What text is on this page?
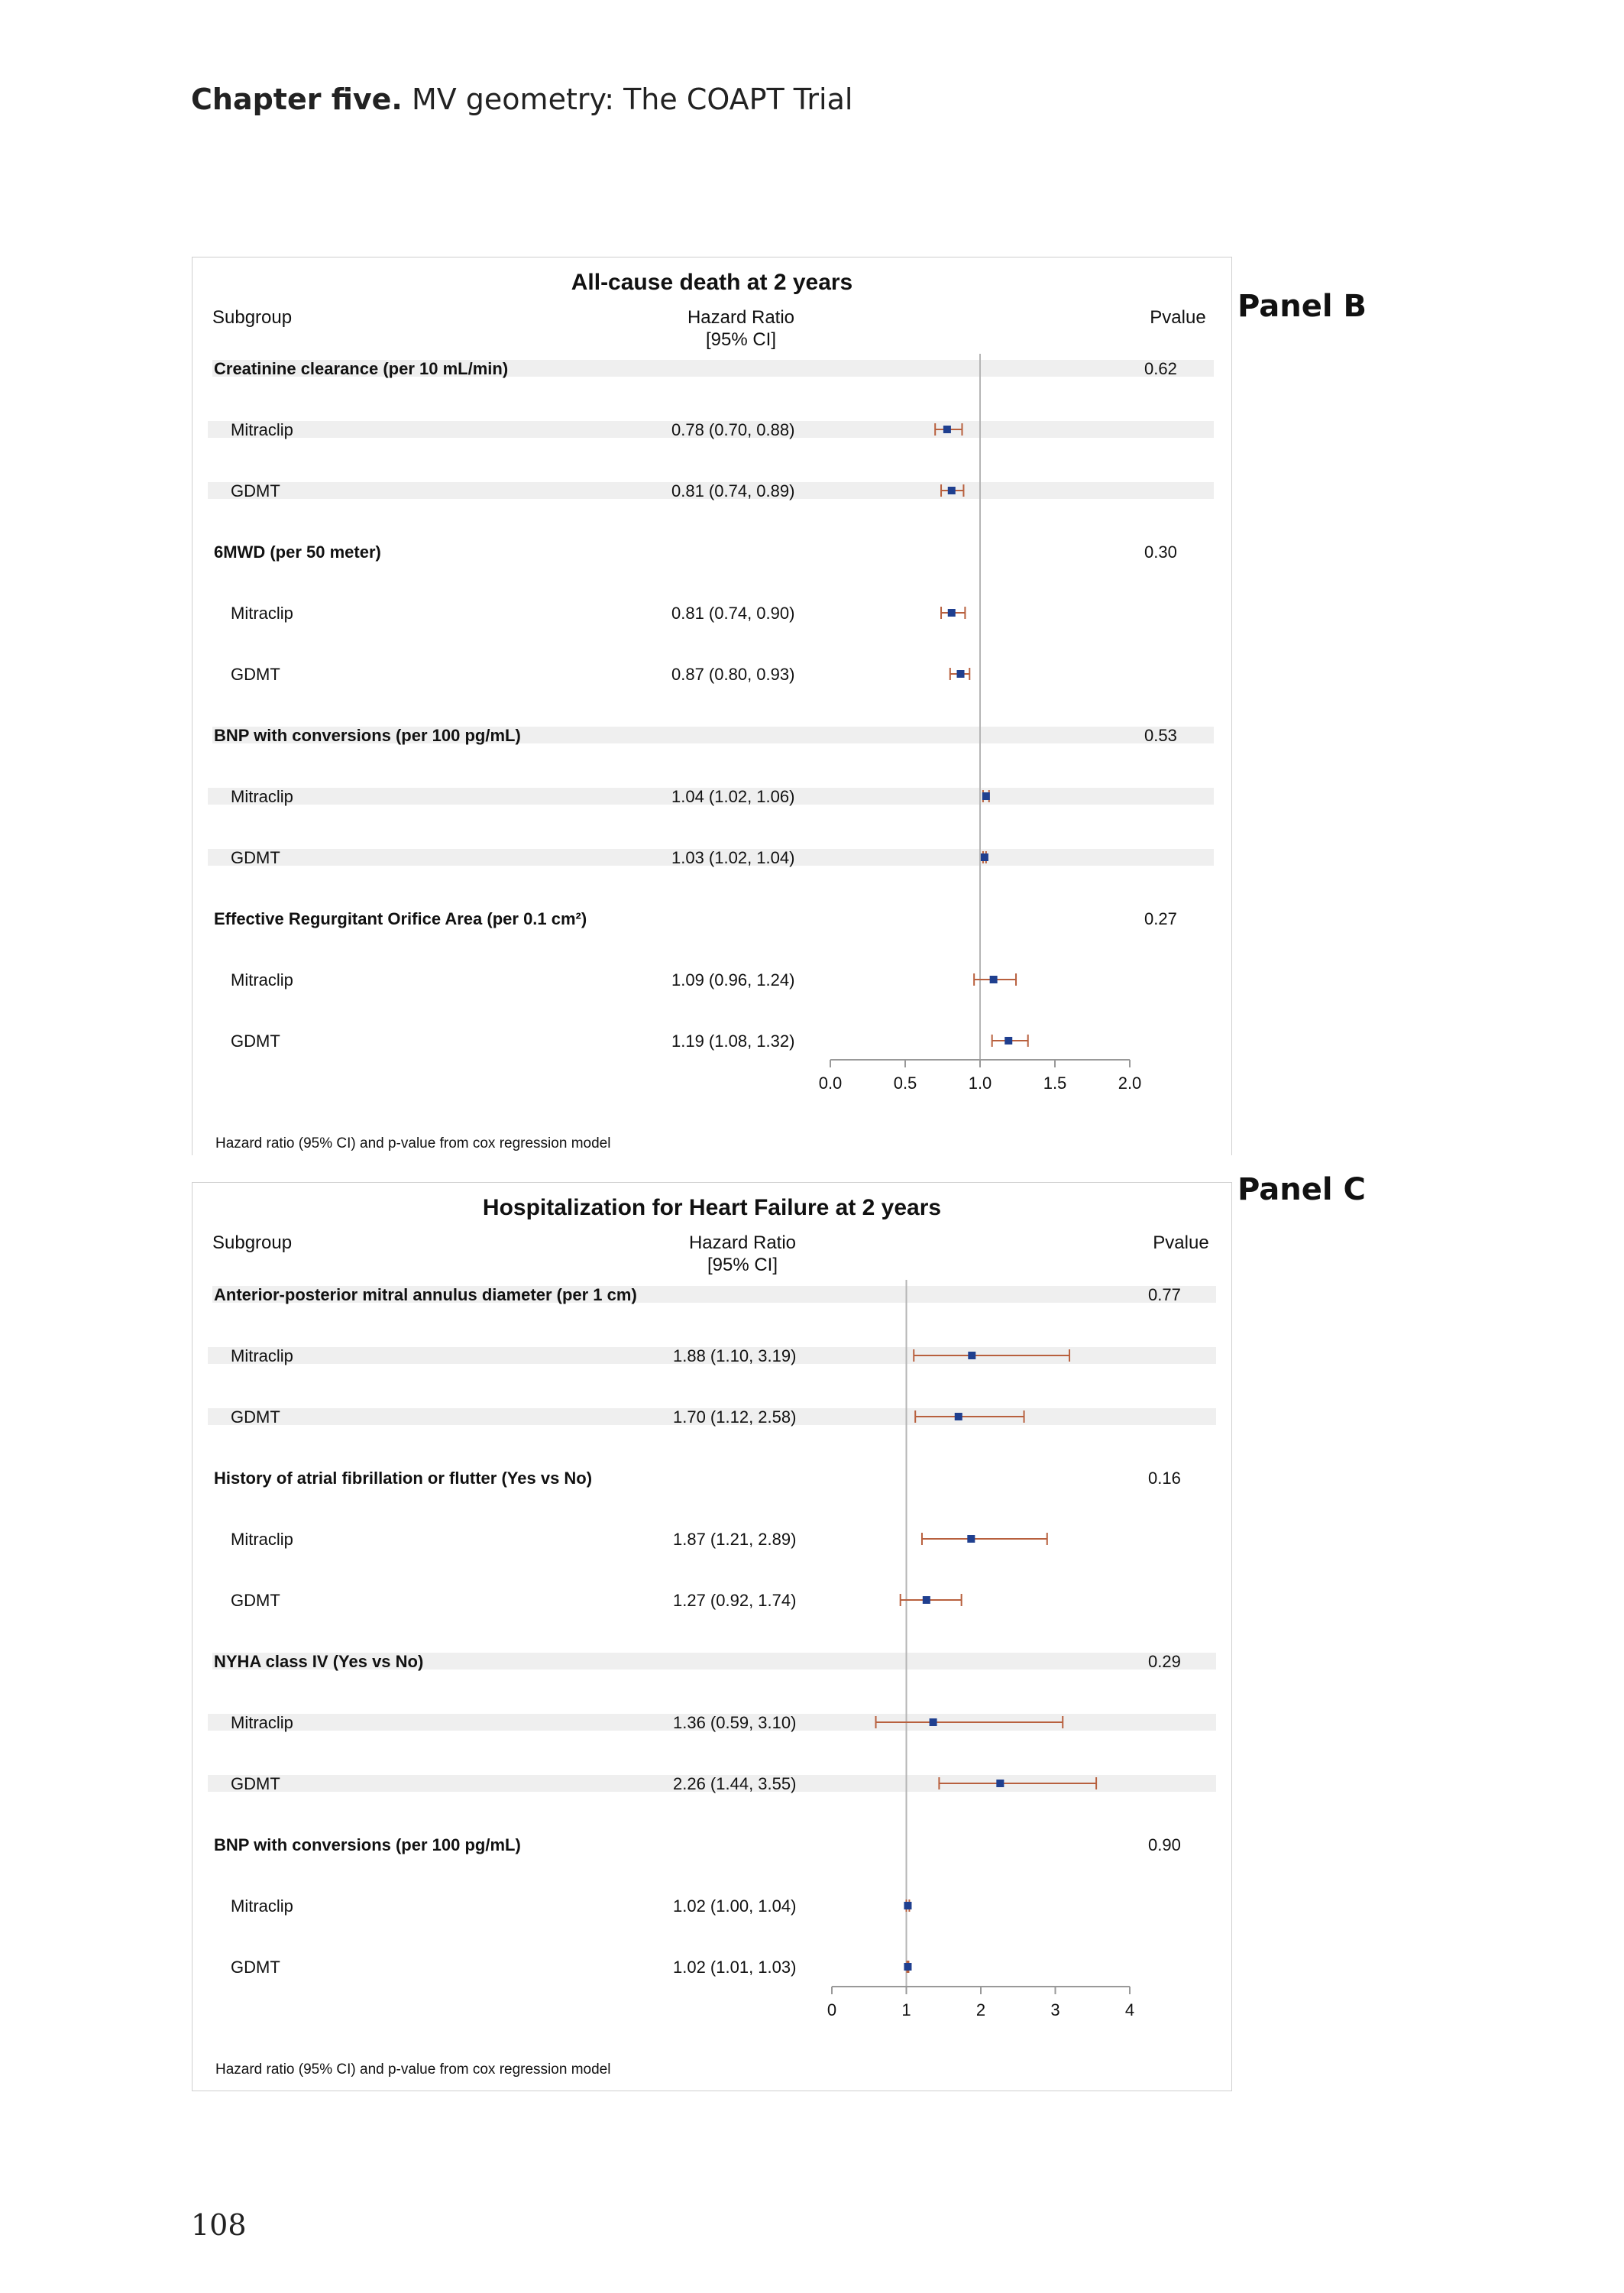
Chapter five. MV geometry: The COAPT Trial
Panel B
Panel C
All-cause death at 2 years
Subgroup	Hazard Ratio
[95% CI]
Pvalue
Creatinine clearance (per 10 mL/min)	0.62
Mitraclip	0.78 (0.70, 0.88)
GDMT	0.81 (0.74, 0.89)
6MWD (per 50 meter)	0.30
Mitraclip	0.81 (0.74, 0.90)
GDMT	0.87 (0.80, 0.93)
BNP with conversions (per 100 pg/mL)	0.53
Mitraclip	1.04 (1.02, 1.06)
GDMT	1.03 (1.02, 1.04)
Effective Regurgitant Orifice Area (per 0.1 cm²)	0.27
Mitraclip	1.09 (0.96, 1.24)
GDMT	1.19 (1.08, 1.32)
0.0	0.5	1.0	1.5	2.0
Hazard ratio (95% CI) and p-value from cox regression model
Hospitalization for Heart Failure at 2 years
Subgroup	Hazard Ratio
[95% CI]
Pvalue
Anterior-posterior mitral annulus diameter (per 1 cm)	0.77
Mitraclip	1.88 (1.10, 3.19)
GDMT	1.70 (1.12, 2.58)
History of atrial fibrillation or flutter (Yes vs No)	0.16
Mitraclip	1.87 (1.21, 2.89)
GDMT	1.27 (0.92, 1.74)
NYHA class IV (Yes vs No)	0.29
Mitraclip	1.36 (0.59, 3.10)
GDMT	2.26 (1.44, 3.55)
BNP with conversions (per 100 pg/mL)	0.90
Mitraclip	1.02 (1.00, 1.04)
GDMT	1.02 (1.01, 1.03)
0	1	2	3	4
Hazard ratio (95% CI) and p-value from cox regression model
108
